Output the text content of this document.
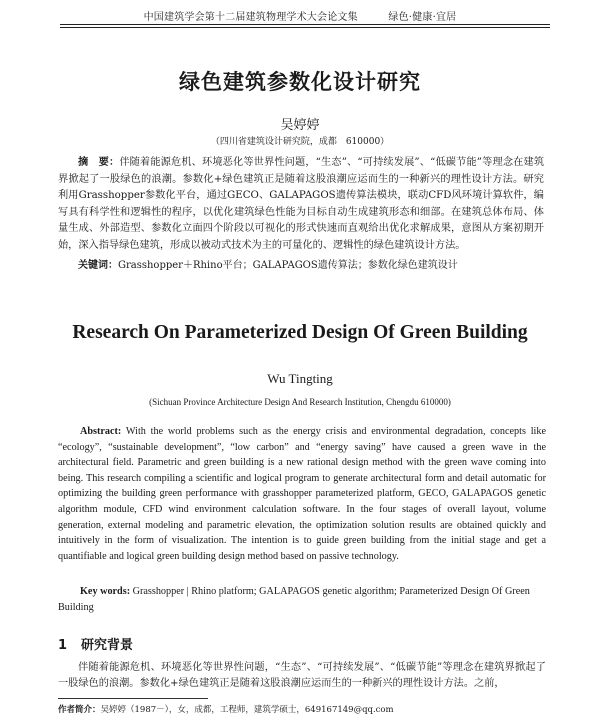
中国建筑学会第十二届建筑物理学术大会论文集　　　绿色·健康·宜居
绿色建筑参数化设计研究
吴婷婷
（四川省建筑设计研究院，成都　610000）
摘　要：伴随着能源危机、环境恶化等世界性问题，“生态”、“可持续发展”、“低碳节能”等理念在建筑界掀起了一股绿色的浪潮。参数化+绿色建筑正是随着这股浪潮应运而生的一种新兴的理性设计方法。研究利用Grasshopper参数化平台，通过GECO、GALAPAGOS遗传算法模块，联动CFD风环境计算软件，编写具有科学性和逻辑性的程序，以优化建筑绿色性能为目标自动生成建筑形态和细部。在建筑总体布局、体量生成、外部造型、参数化立面四个阶段以可视化的形式快速而直观给出优化求解成果，意图从方案初期开始，深入指导绿色建筑，形成以被动式技术为主的可量化的、逻辑性的绿色建筑设计方法。
关键词：Grasshopper＋Rhino平台；GALAPAGOS遗传算法；参数化绿色建筑设计
Research On Parameterized Design Of Green Building
Wu Tingting
(Sichuan Province Architecture Design And Research Institution, Chengdu 610000)
Abstract: With the world problems such as the energy crisis and environmental degradation, concepts like “ecology”, “sustainable development”, “low carbon” and “energy saving” have caused a green wave in the architectural field. Parametric and green building is a new rational design method with the green wave coming into being. This research compiling a scientific and logical program to generate architectural form and detail automatic for optimizing the building green performance with grasshopper parameterized platform, GECO, GALAPAGOS genetic algorithm module, CFD wind environment calculation software. In the four stages of overall layout, volume generation, external modeling and parametric elevation, the optimization solution results are obtained quickly and intuitively in the form of visualization. The intention is to guide green building from the initial stage and get a quantifiable and logical green building design method based on passive technology.
Key words: Grasshopper | Rhino platform; GALAPAGOS genetic algorithm; Parameterized Design Of Green Building
1 研究背景
伴随着能源危机、环境恶化等世界性问题，“生态”、“可持续发展”、“低碳节能”等理念在建筑界掀起了一股绿色的浪潮。参数化+绿色建筑正是随着这股浪潮应运而生的一种新兴的理性设计方法。之前，
作者简介：吴婷婷（1987－），女，成都，工程师，建筑学硕士，64916714​9@qq.com
